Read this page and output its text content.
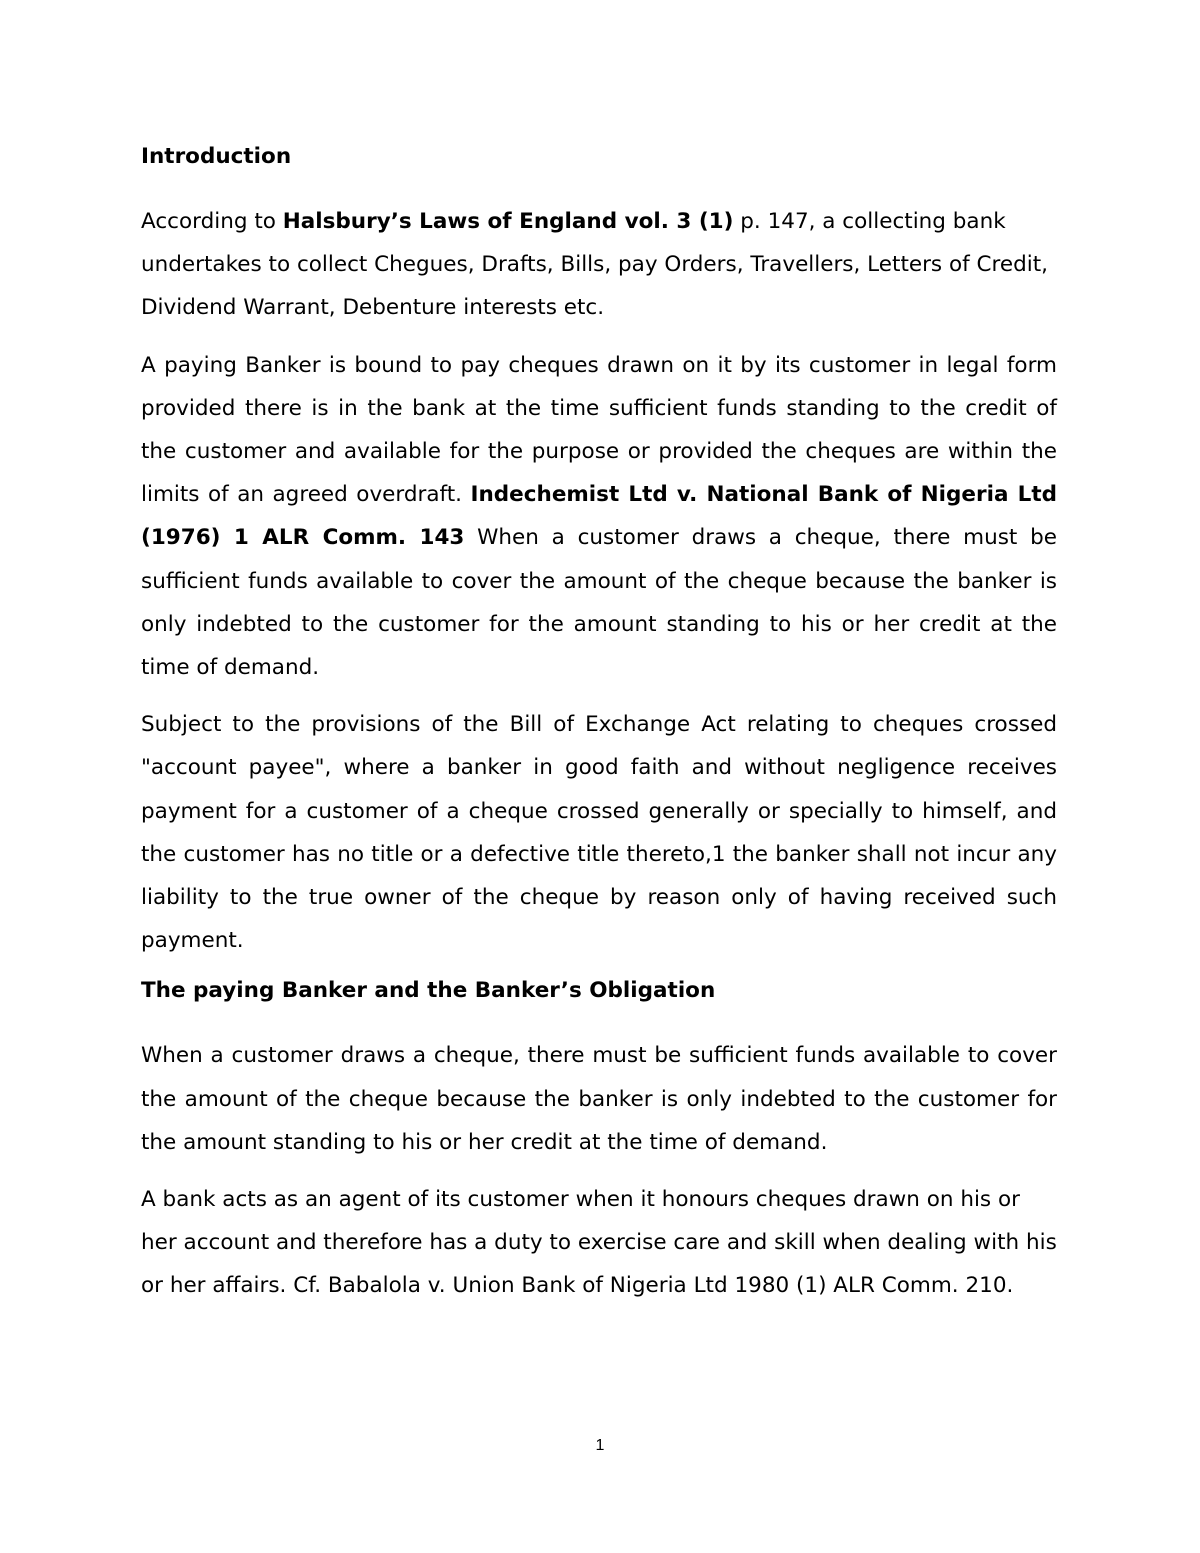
Introduction

According to Halsbury’s Laws of England vol. 3 (1) p. 147, a collecting bank undertakes to collect Chegues, Drafts, Bills, pay Orders, Travellers, Letters of Credit, Dividend Warrant, Debenture interests etc.

A paying Banker is bound to pay cheques drawn on it by its customer in legal form provided there is in the bank at the time sufficient funds standing to the credit of the customer and available for the purpose or provided the cheques are within the limits of an agreed overdraft. Indechemist Ltd v. National Bank of Nigeria Ltd (1976) 1 ALR Comm. 143 When a customer draws a cheque, there must be sufficient funds available to cover the amount of the cheque because the banker is only indebted to the customer for the amount standing to his or her credit at the time of demand.

Subject to the provisions of the Bill of Exchange Act relating to cheques crossed "account payee", where a banker in good faith and without negligence receives payment for a customer of a cheque crossed generally or specially to himself, and the customer has no title or a defective title thereto,1 the banker shall not incur any liability to the true owner of the cheque by reason only of having received such payment.

The paying Banker and the Banker’s Obligation

When a customer draws a cheque, there must be sufficient funds available to cover the amount of the cheque because the banker is only indebted to the customer for the amount standing to his or her credit at the time of demand.

A bank acts as an agent of its customer when it honours cheques drawn on his or her account and therefore has a duty to exercise care and skill when dealing with his or her affairs. Cf. Babalola v. Union Bank of Nigeria Ltd 1980 (1) ALR Comm. 210.

1
